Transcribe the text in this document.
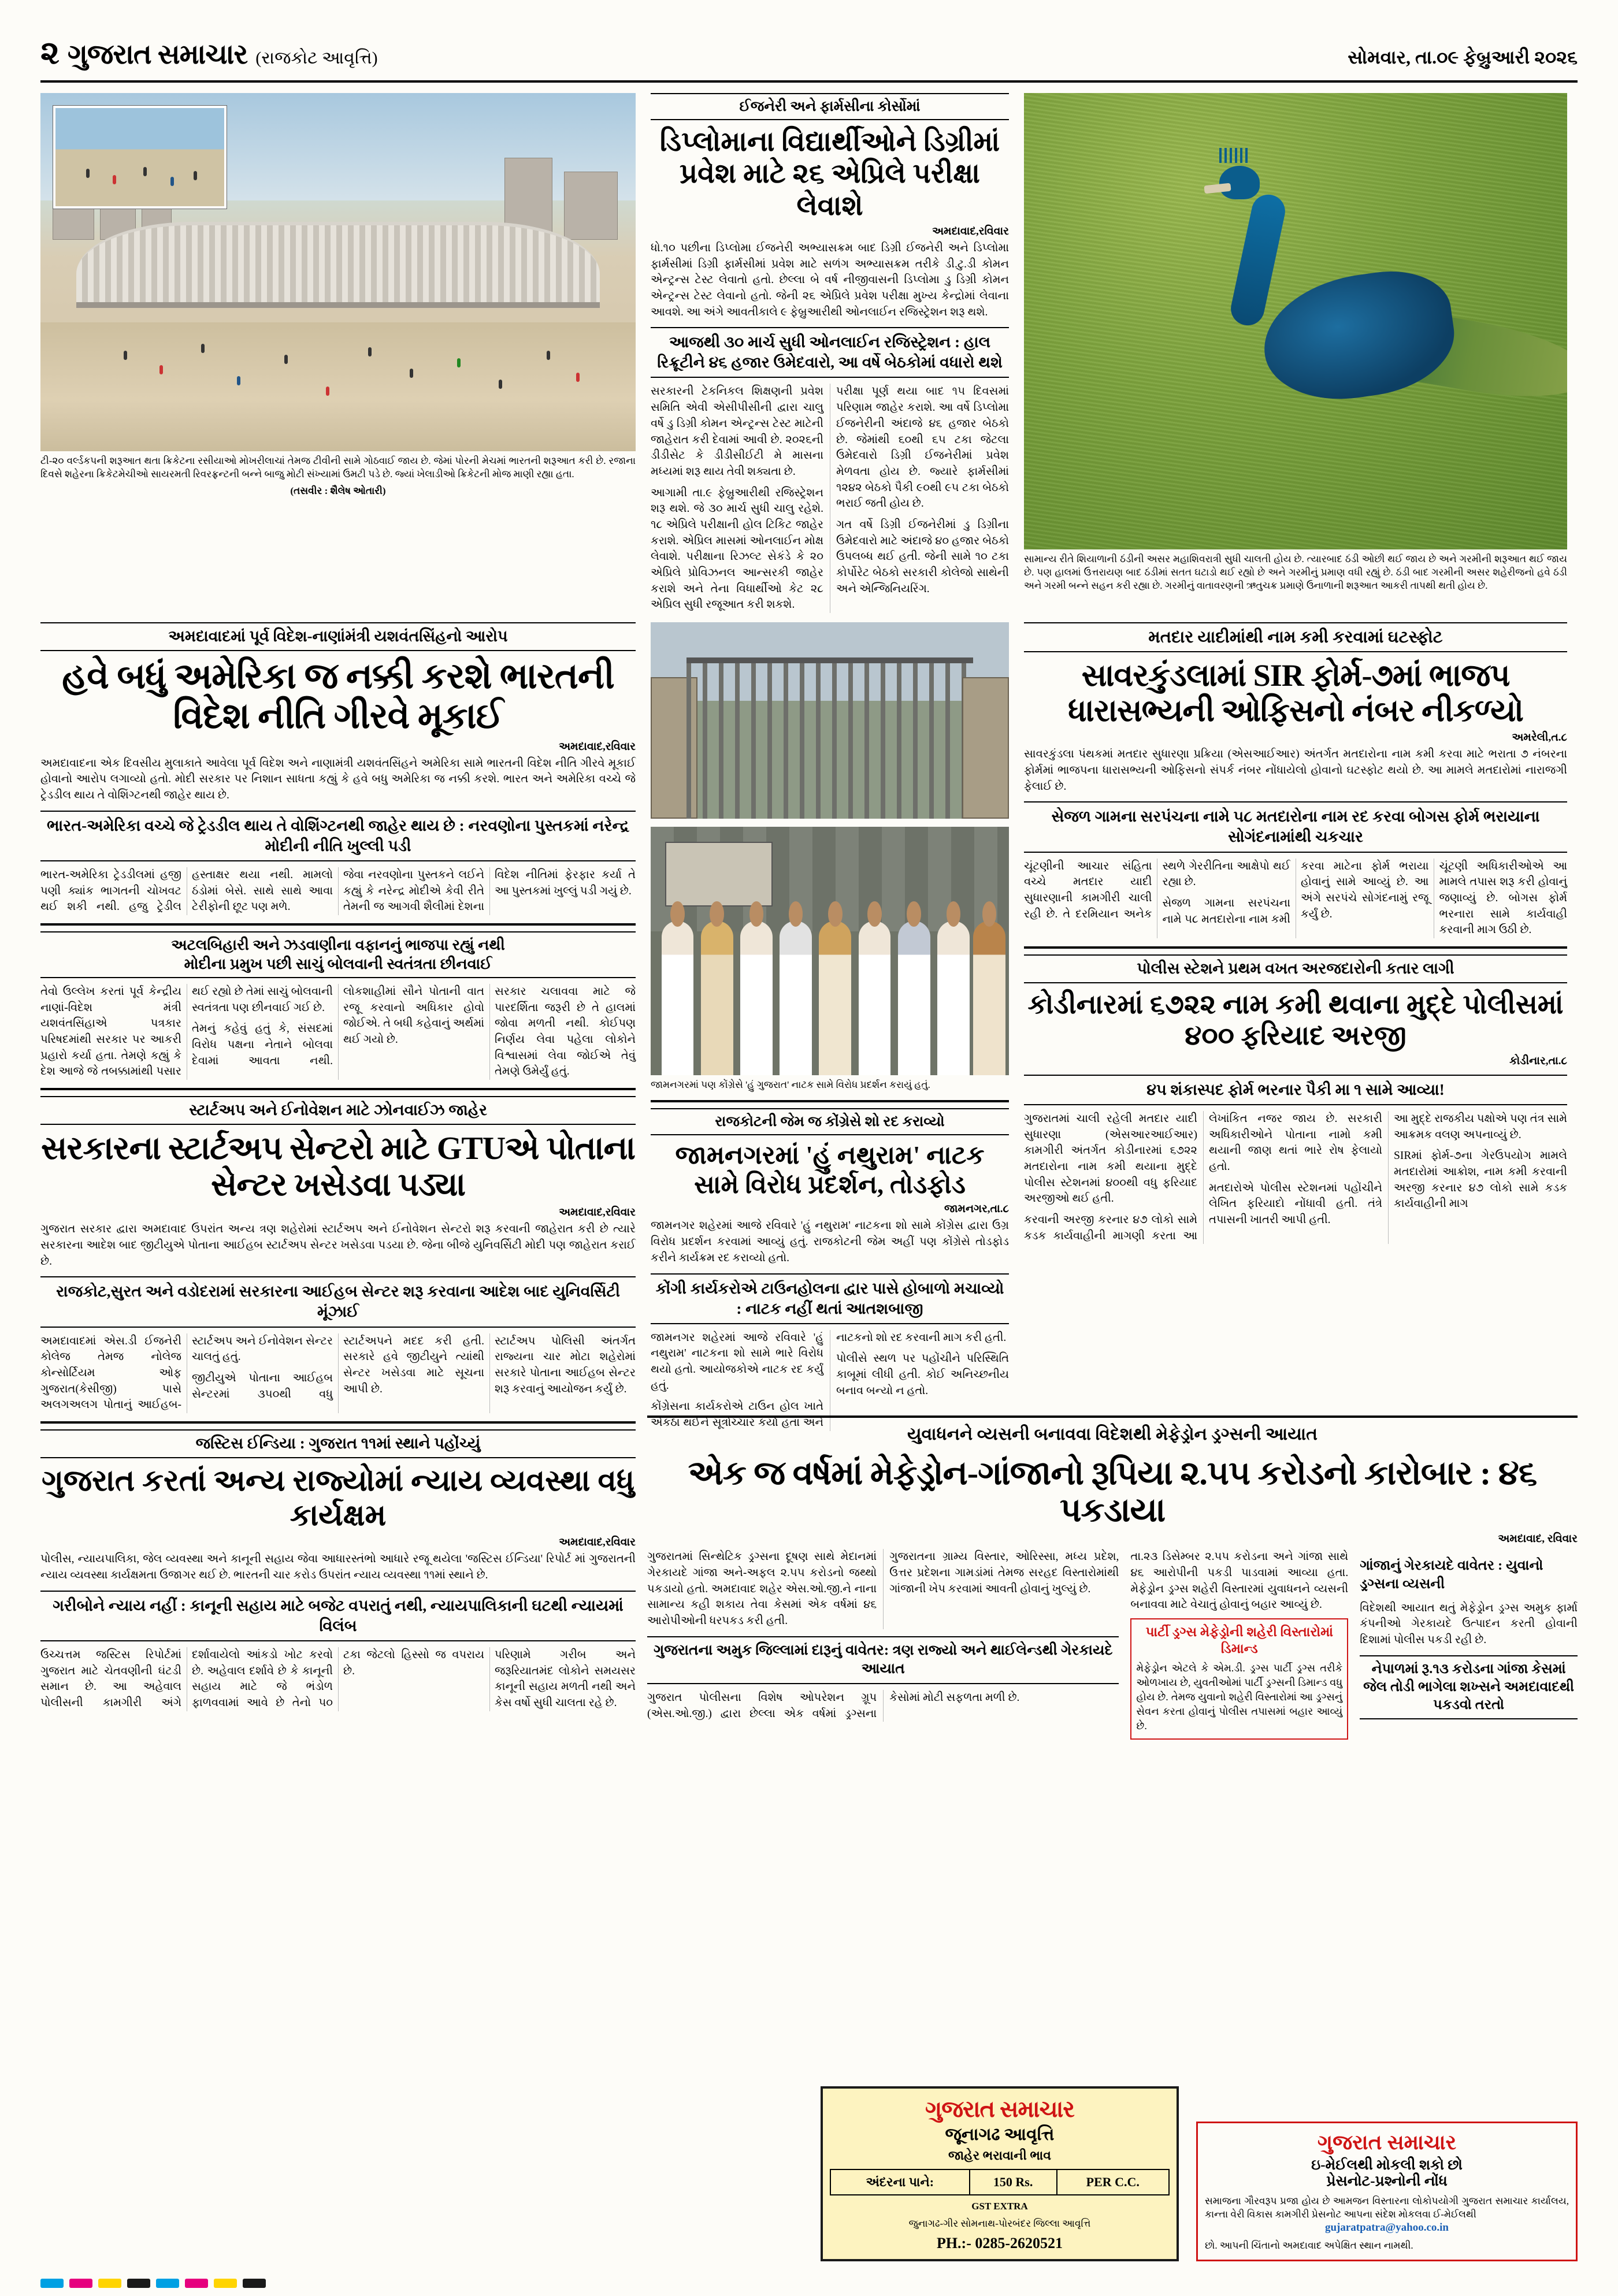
૨ ગુજરાત સમાચાર (રાજકોટ આવૃત્તિ)	સોમવાર, તા.૦૯ ફેબ્રુઆરી ૨૦૨૬
ટી-૨૦ વર્લ્ડકપની શરૂઆત થતા ક્રિકેટના રસીયાઓ મોખરીલાચાં તેમજ ટીવીની સામે ગોઠવાઈ જાય છે. જેમાં પોરની મેચમાં ભારતની શરૂઆત કરી છે. રજાના દિવસે શહેરના ક્રિકેટમેચીઓ સાયરમતી રિવરફ્રન્ટની બન્ને બાજુ મોટી સંખ્યામાં ઉમટી પડે છે. જ્યાં ખેલાડીઓ ક્રિકેટની મોજ માણી રહ્યા હતા.
(તસવીર : શૈલેષ ઓતારી)
ઈજનેરી અને ફાર્મસીના કોર્સોમાં
ડિપ્લોમાના વિદ્યાર્થીઓને ડિગ્રીમાં પ્રવેશ માટે ૨૬ એપ્રિલે પરીક્ષા લેવાશે
અમદાવાદ,રવિવાર
ધો.૧૦ પછીના ડિપ્લોમા ઈજનેરી અભ્યાસક્રમ બાદ ડિગ્રી ઈજનેરી અને ડિપ્લોમા ફાર્મસીમાં ડિગ્રી ફાર્મસીમાં પ્રવેશ માટે સળંગ અભ્યાસક્રમ તરીકે ડી.ટુ.ડી કોમન એન્ટ્રન્સ ટેસ્ટ લેવાતો હતો. છેલ્લા બે વર્ષ નીજીવાસની ડિપ્લોમા ડુ ડિગ્રી કોમન એન્ટ્રન્સ ટેસ્ટ લેવાનો હતો. જેની ૨૬ એપ્રિલે પ્રવેશ પરીક્ષા મુખ્ય કેન્દ્રોમાં લેવાના આવશે. આ અંગે આવતીકાલે ૯ ફેબ્રુઆરીથી ઓનલાઈન રજિસ્ટ્રેશન શરૂ થશે.
આજથી ૩૦ માર્ચ સુધી ઓનલાઈન રજિસ્ટ્રેશન : હાલ રિક્રૂટીને ૪૬ હજાર ઉમેદવારો, આ વર્ષે બેઠકોમાં વધારો થશે

સરકારની ટેકનિકલ શિક્ષણની પ્રવેશ સમિતિ એવી એસીપીસીની દ્વારા ચાલુ વર્ષે ડુ ડિગ્રી કોમન એન્ટ્રન્સ ટેસ્ટ માટેની જાહેરાત કરી દેવામાં આવી છે. ૨૦૨૬ની ડીડીસેટ કે ડીડીસીઈટી મે માસના મધ્યમાં શરૂ થાય તેવી શક્યતા છે.

આગામી તા.૯ ફેબ્રુઆરીથી રજિસ્ટ્રેશન શરૂ થશે. જે ૩૦ માર્ચ સુધી ચાલુ રહેશે. ૧૮ એપ્રિલે પરીક્ષાની હોલ ટિકિટ જાહેર કરાશે. એપ્રિલ માસમાં ઓનલાઈન મોક્ષ લેવાશે. પરીક્ષાના રિઝલ્ટ સેકંડે કે ૨૦ એપ્રિલે પ્રોવિઝનલ આન્સરકી જાહેર કરાશે અને તેના વિધાર્થીઓ કેટ ૨૮ એપ્રિલ સુધી રજૂઆત કરી શકશે.

પરીક્ષા પૂર્ણ થયા બાદ ૧૫ દિવસમાં પરિણામ જાહેર કરાશે. આ વર્ષે ડિપ્લોમા ઈજનેરીની અંદાજે ૪૬ હજાર બેઠકો છે. જેમાંથી ૬૦થી ૬૫ ટકા જેટલા ઉમેદવારો ડિગ્રી ઈજનેરીમાં પ્રવેશ મેળવતા હોય છે. જ્યારે ફાર્મસીમાં ૧૨૪૨ બેઠકો પૈકી ૯૦થી ૯૫ ટકા બેઠકો ભરાઈ જતી હોય છે.

ગત વર્ષે ડિગ્રી ઈજનેરીમાં ડુ ડિગ્રીના ઉમેદવારો માટે અંદાજે ૪૦ હજાર બેઠકો ઉપલબ્ધ થઈ હતી. જેની સામે ૧૦ ટકા કોર્પોરેટ બેઠકો સરકારી કોલેજો સાથેની અને એન્જિનિયરિંગ.

સામાન્ય રીતે શિયાળાની ઠંડીની અસર મહાશિવરાત્રી સુધી ચાલતી હોય છે. ત્યારબાદ ઠંડી ઓછી થઈ જાય છે અને ગરમીની શરૂઆત થઈ જાય છે. પણ હાલમાં ઉત્તરાયણ બાદ ઠંડીમાં સતત ઘટાડો થઈ રહ્યો છે અને ગરમીનું પ્રમાણ વધી રહ્યું છે. ઠંડી બાદ ગરમીની અસર શહેરીજનો હવે ઠંડી અને ગરમી બન્ને સહન કરી રહ્યા છે. ગરમીનું વાતાવરણની ઋતુચક્ર પ્રમાણે ઉનાળાની શરૂઆત આકરી તાપથી થતી હોય છે.
અમદાવાદમાં પૂર્વ વિદેશ-નાણાંમંત્રી યશવંતસિંહનો આરોપ
હવે બધું અમેરિકા જ નક્કી કરશે ભારતની વિદેશ નીતિ ગીરવે મૂકાઈ
અમદાવાદ,રવિવાર
અમદાવાદના એક દિવસીય મુલાકાતે આવેલા પૂર્વ વિદેશ અને નાણામંત્રી યશવંતસિંહને અમેરિકા સામે ભારતની વિદેશ નીતિ ગીરવે મૂકાઈ હોવાનો આરોપ લગાવ્યો હતો. મોદી સરકાર પર નિશાન સાધતા કહ્યું કે હવે બધુ અમેરિકા જ નક્કી કરશે. ભારત અને અમેરિકા વચ્ચે જે ટ્રેડડીલ થાય તે વોશિંગ્ટનથી જાહેર થાય છે.
ભારત-અમેરિકા વચ્ચે જે ટ્રેડડીલ થાય તે વોશિંગ્ટનથી જાહેર થાય છે : નરવણોના પુસ્તકમાં નરેન્દ્ર મોદીની નીતિ ખુલ્લી પડી

ભારત-અમેરિકા ટ્રેડડીલમાં હજી પણી ક્યાંક ભાગતની ચોખવટ થઈ શકી નથી. હજુ ટ્રેડીલ હસ્તાક્ષર થયા નથી. મામલો ઠંડોમાં બેસે. સાથે સાથે આવા ટેરીફોની છૂટ પણ મળે.

જેવા નરવણોના પુસ્તકને લઈને કહ્યું કે નરેન્દ્ર મોદીએ કેવી રીતે તેમની જ આગવી શૈલીમાં દેશના વિદેશ નીતિમાં ફેરફાર કર્યા તે આ પુસ્તકમાં ખુલ્લું પડી ગયું છે.

અટલબિહારી અને ઝડવાણીના વફાનનું ભાજપા રહ્યું નથી
મોદીના પ્રમુખ પછી સાચું બોલવાની સ્વતંત્રતા છીનવાઈ

તેવો ઉલ્લેખ કરતાં પૂર્વ કેન્દ્રીય નાણાં-વિદેશ મંત્રી યશવંતસિંહાએ પત્રકાર પરિષદમાંથી સરકાર પર આકરી પ્રહારો કર્યા હતા. તેમણે કહ્યું કે દેશ આજે જે તબક્કામાંથી પસાર થઈ રહ્યો છે તેમાં સાચું બોલવાની સ્વતંત્રતા પણ છીનવાઈ ગઈ છે.

તેમનું કહેવું હતું કે, સંસદમાં વિરોધ પક્ષના નેતાને બોલવા દેવામાં આવતા નથી. લોકશાહીમાં સૌને પોતાની વાત રજૂ કરવાનો અધિકાર હોવો જોઈએ. તે બધી કહેવાનું અર્થમાં થઈ ગયો છે.

સરકાર ચલાવવા માટે જે પારદર્શિતા જરૂરી છે તે હાલમાં જોવા મળતી નથી. કોઈપણ નિર્ણય લેવા પહેલા લોકોને વિશ્વાસમાં લેવા જોઈએ તેવું તેમણે ઉમેર્યું હતું.

સ્ટાર્ટઅપ અને ઈનોવેશન માટે ઝોનવાઈઝ જાહેર
સરકારના સ્ટાર્ટઅપ સેન્ટરો માટે GTUએ પોતાના સેન્ટર ખસેડવા પડ્યા
અમદાવાદ,રવિવાર
ગુજરાત સરકાર દ્વારા અમદાવાદ ઉપરાંત અન્ય ત્રણ શહેરોમાં સ્ટાર્ટઅપ અને ઈનોવેશન સેન્ટરો શરૂ કરવાની જાહેરાત કરી છે ત્યારે સરકારના આદેશ બાદ જીટીયુએ પોતાના આઈહબ સ્ટાર્ટઅપ સેન્ટર ખસેડવા પડયા છે. જેના બીજે યુનિવર્સિટી મોદી પણ જાહેરાત કરાઈ છે.
રાજકોટ,સુરત અને વડોદરામાં સરકારના આઈહબ સેન્ટર શરૂ કરવાના આદેશ બાદ યુનિવર્સિટી મૂંઝાઈ

અમદાવાદમાં એસ.ડી ઈજનેરી કોલેજ તેમજ નોલેજ કોન્સોર્ટિયમ ઓફ ગુજરાત(કેસીજી) પાસે અલગઅલગ પોતાનું આઈહબ-સ્ટાર્ટઅપ અને ઈનોવેશન સેન્ટર ચાલતું હતું.

જીટીયુએ પોતાના આઈહબ સેન્ટરમાં ૩૫૦થી વધુ સ્ટાર્ટઅપને મદદ કરી હતી. સરકારે હવે જીટીયુને ત્યાંથી સેન્ટર ખસેડવા માટે સૂચના આપી છે.

સ્ટાર્ટઅપ પોલિસી અંતર્ગત રાજ્યના ચાર મોટા શહેરોમાં સરકારે પોતાના આઈહબ સેન્ટર શરૂ કરવાનું આયોજન કર્યું છે.

જસ્ટિસ ઈન્ડિયા : ગુજરાત ૧૧માં સ્થાને પહોંચ્યું
ગુજરાત કરતાં અન્ય રાજ્યોમાં ન્યાય વ્યવસ્થા વધુ કાર્યક્ષમ
અમદાવાદ,રવિવાર
પોલીસ, ન્યાયપાલિકા, જેલ વ્યવસ્થા અને કાનૂની સહાય જેવા આધારસ્તંભો આધારે રજૂ થયેલા 'જસ્ટિસ ઈન્ડિયા' રિપોર્ટ માં ગુજરાતની ન્યાય વ્યવસ્થા કાર્યક્ષમતા ઉજાગર થઈ છે. ભારતની ચાર કરોડ ઉપરાંત ન્યાય વ્યવસ્થા ૧૧માં સ્થાને છે.
ગરીબોને ન્યાય નહીં : કાનૂની સહાય માટે બજેટ વપરાતું નથી, ન્યાયપાલિકાની ઘટથી ન્યાયમાં વિલંબ

ઉચ્ચત્તમ જસ્ટિસ રિપોર્ટમાં ગુજરાત માટે ચેતવણીની ઘંટડી સમાન છે. આ અહેવાલ પોલીસની કામગીરી અંગે દર્શાવાયેલો આંકડો ખોટ કરવો છે. અહેવાલ દર્શાવે છે કે કાનૂની સહાય માટે જે ભંડોળ ફાળવવામાં આવે છે તેનો ૫૦ ટકા જેટલો હિસ્સો જ વપરાય છે.

પરિણામે ગરીબ અને જરૂરિયાતમંદ લોકોને સમયસર કાનૂની સહાય મળતી નથી અને કેસ વર્ષો સુધી ચાલતા રહે છે.

જામનગરમાં પણ કોંગ્રેસે 'હું ગુજરાત' નાટક સામે વિરોધ પ્રદર્શન કરાયું હતું.
રાજકોટની જેમ જ કોંગ્રેસે શો રદ કરાવ્યો
જામનગરમાં 'હું નથુરામ' નાટક સામે વિરોધ પ્રદર્શન, તોડફોડ
જામનગર,તા.૮
જામનગર શહેરમાં આજે રવિવારે 'હું નથુરામ' નાટકના શો સામે કોંગ્રેસ દ્વારા ઉગ્ર વિરોધ પ્રદર્શન કરવામાં આવ્યું હતું. રાજકોટની જેમ અહીં પણ કોંગ્રેસે તોડફોડ કરીને કાર્યક્રમ રદ કરાવ્યો હતો.
કોંગી કાર્યકરોએ ટાઉનહોલના દ્વાર પાસે હોબાળો મચાવ્યો : નાટક નહીં થતાં આતશબાજી

જામનગર શહેરમાં આજે રવિવારે 'હું નથુરામ' નાટકના શો સામે ભારે વિરોધ થયો હતો. આયોજકોએ નાટક રદ કર્યું હતું.

કોંગ્રેસના કાર્યકરોએ ટાઉન હોલ ખાતે એકઠા થઈને સૂત્રોચ્ચાર કર્યા હતા અને નાટકનો શો રદ કરવાની માગ કરી હતી.

પોલીસે સ્થળ પર પહોંચીને પરિસ્થિતિ કાબૂમાં લીધી હતી. કોઈ અનિચ્છનીય બનાવ બન્યો ન હતો.

મતદાર યાદીમાંથી નામ કમી કરવામાં ઘટસ્ફોટ
સાવરકુંડલામાં SIR ફોર્મ-૭માં ભાજપ ધારાસભ્યની ઓફિસનો નંબર નીકળ્યો
અમરેલી,ત.૮
સાવરકુંડલા પંથકમાં મતદાર સુધારણા પ્રક્રિયા (એસઆઈઆર) અંતર્ગત મતદારોના નામ કમી કરવા માટે ભરાતા ૭ નંબરના ફોર્મમાં ભાજપના ધારાસભ્યની ઓફિસનો સંપર્ક નંબર નોંધાયેલો હોવાનો ઘટસ્ફોટ થયો છે. આ મામલે મતદારોમાં નારાજગી ફેલાઈ છે.
સેજળ ગામના સરપંચના નામે ૫૮ મતદારોના નામ રદ કરવા બોગસ ફોર્મ ભરાયાના સોગંદનામાંથી ચકચાર

ચૂંટણીની આચાર સંહિતા વચ્ચે મતદાર યાદી સુધારણાની કામગીરી ચાલી રહી છે. તે દરમિયાન અનેક સ્થળે ગેરરીતિના આક્ષેપો થઈ રહ્યા છે.

સેજળ ગામના સરપંચના નામે ૫૮ મતદારોના નામ કમી કરવા માટેના ફોર્મ ભરાયા હોવાનું સામે આવ્યું છે. આ અંગે સરપંચે સોગંદનામું રજૂ કર્યું છે.

ચૂંટણી અધિકારીઓએ આ મામલે તપાસ શરૂ કરી હોવાનું જણાવ્યું છે. બોગસ ફોર્મ ભરનારા સામે કાર્યવાહી કરવાની માગ ઉઠી છે.

પોલીસ સ્ટેશને પ્રથમ વખત અરજદારોની કતાર લાગી
કોડીનારમાં ૬૭૨૨ નામ કમી થવાના મુદ્દે પોલીસમાં ૪૦૦ ફરિયાદ અરજી
કોડીનાર,તા.૮
૪૫ શંકાસ્પદ ફોર્મ ભરનાર પૈકી મા ૧ સામે આવ્યા!

ગુજરાતમાં ચાલી રહેલી મતદાર યાદી સુધારણા (એસઆરઆઈઆર) કામગીરી અંતર્ગત કોડીનારમાં ૬૭૨૨ મતદારોના નામ કમી થયાના મુદ્દે પોલીસ સ્ટેશનમાં ૪૦૦થી વધુ ફરિયાદ અરજીઓ થઈ હતી.

કરવાની અરજી કરનાર ૪૭ લોકો સામે કડક કાર્યવાહીની માગણી કરતા આ લેખાંકિત નજર જાય છે. સરકારી અધિકારીઓને પોતાના નામો કમી થયાની જાણ થતાં ભારે રોષ ફેલાયો હતો.

મતદારોએ પોલીસ સ્ટેશનમાં પહોંચીને લેખિત ફરિયાદો નોંધાવી હતી. તંત્રે તપાસની ખાતરી આપી હતી.

આ મુદ્દે રાજકીય પક્ષોએ પણ તંત્ર સામે આક્રમક વલણ અપનાવ્યું છે.

SIRમાં ફોર્મ-૭ના ગેરઉપયોગ મામલે મતદારોમાં આક્રોશ, નામ કમી કરવાની અરજી કરનાર ૪૭ લોકો સામે કડક કાર્યવાહીની માગ

યુવાધનને વ્યસની બનાવવા વિદેશથી મેફેડ્રોન ડ્રગ્સની આયાત
એક જ વર્ષમાં મેફેડ્રોન-ગાંજાનો રૂપિયા ૨.૫૫ કરોડનો કારોબાર : ૪૬ પકડાયા
અમદાવાદ, રવિવાર

ગુજરાતમાં સિન્થેટિક ડ્રગ્સના દૂષણ સાથે મેદાનમાં ગેરકાયદે ગાંજા અને-અફલ ૨.૫૫ કરોડનો જથ્થો પકડાયો હતો. અમદાવાદ શહેર એસ.ઓ.જી.ને નાના સામાન્ય કહી શકાય તેવા કેસમાં એક વર્ષમાં ૪૬ આરોપીઓની ધરપકડ કરી હતી.

ગુજરાતના ગ્રામ્ય વિસ્તાર, ઓરિસ્સા, મધ્ય પ્રદેશ, ઉત્તર પ્રદેશના ગામડાંમાં તેમજ સરહદ વિસ્તારોમાંથી ગાંજાની ખેપ કરવામાં આવતી હોવાનું ખુલ્યું છે.

ગુજરાતના અમુક જિલ્લામાં દારૂનું વાવેતર: ત્રણ રાજ્યો અને થાઈલેન્ડથી ગેરકાયદે આયાત

ગુજરાત પોલીસના વિશેષ ઓપરેશન ગ્રૂપ (એસ.ઓ.જી.) દ્વારા છેલ્લા એક વર્ષમાં ડ્રગ્સના કેસોમાં મોટી સફળતા મળી છે.

તા.૨૩ ડિસેમ્બર ૨.૫૫ કરોડના અને ગાંજા સાથે ૪૬ આરોપીની પકડી પાડવામાં આવ્યા હતા. મેફેડ્રોન ડ્રગ્સ શહેરી વિસ્તારમાં યુવાધનને વ્યસની બનાવવા માટે વેચાતું હોવાનું બહાર આવ્યું છે.

પાર્ટી ડ્રગ્સ મેફેડ્રોની શહેરી વિસ્તારોમાં ડિમાન્ડ
મેફેડ્રોન એટલે કે એમ.ડી. ડ્રગ્સ પાર્ટી ડ્રગ્સ તરીકે ઓળખાય છે, યુવતીઓમાં પાર્ટી ડ્રગ્સની ડિમાન્ડ વધુ હોય છે. તેમજ યુવાનો શહેરી વિસ્તારોમાં આ ડ્રગ્સનું સેવન કરતા હોવાનું પોલીસ તપાસમાં બહાર આવ્યું છે.
ગાંજાનું ગેરકાયદે વાવેતર : યુવાનો ડ્રગ્સના વ્યસની

વિદેશથી આયાત થતું મેફેડ્રોન ડ્રગ્સ અમુક ફાર્મા કંપનીઓ ગેરકાયદે ઉત્પાદન કરતી હોવાની દિશામાં પોલીસ પકડી રહી છે.

નેપાળમાં રૂ.૧૩ કરોડના ગાંજા કેસમાં જેલ તોડી ભાગેલા શખ્સને અમદાવાદથી પકડવો તરતો
ગુજરાત સમાચાર
જૂનાગઢ આવૃત્તિ
જાહેર ભરાવાની ભાવ
અંદરના પાને:	150 Rs.	PER C.C.
GST EXTRA
જુનાગઢ-ગીર સોમનાથ-પોરબંદર જિલ્લા આવૃત્તિ
PH.:- 0285-2620521
ગુજરાત સમાચાર
ઇ-મેઈલથી મોકલી શકો છો
પ્રેસનોટ-પ્રશ્નોની નોંધ
સમાજના ગૌરવરૂપ પ્રજા હોય છે આમજન વિસ્તારના લોકોપયોગી ગુજરાત સમાચાર કાર્યાલય, કાન્તા વેરી વિકાસ કામગીરી પ્રેસનોટ આપના સંદેશ મોકલવા ઈ-મેઈલથી
gujaratpatra@yahoo.co.in
છો. આપની ચિંતાનો અમદાવાદ અપેક્ષિત સ્થાન નામથી.
